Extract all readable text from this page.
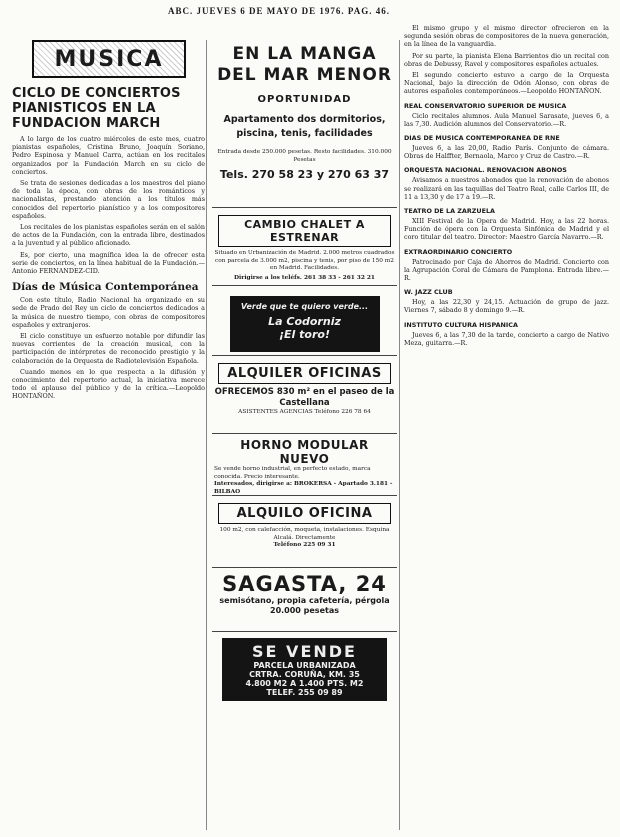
ABC. JUEVES 6 DE MAYO DE 1976. PAG. 46.
MUSICA
CICLO DE CONCIERTOS PIANISTICOS EN LA FUNDACION MARCH

A lo largo de los cuatro miércoles de este mes, cuatro pianistas españoles, Cristina Bruno, Joaquín Soriano, Pedro Espinosa y Manuel Carra, actúan en los recitales organizados por la Fundación March en su ciclo de conciertos.

Se trata de sesiones dedicadas a los maestros del piano de toda la época, con obras de los románticos y nacionalistas, prestando atención a los títulos más conocidos del repertorio pianístico y a los compositores españoles.

Los recitales de los pianistas españoles serán en el salón de actos de la Fundación, con la entrada libre, destinados a la juventud y al público aficionado.

Es, por cierto, una magnífica idea la de ofrecer esta serie de conciertos, en la línea habitual de la Fundación.—Antonio FERNANDEZ-CID.

Días de Música Contemporánea

Con este título, Radio Nacional ha organizado en su sede de Prado del Rey un ciclo de conciertos dedicados a la música de nuestro tiempo, con obras de compositores españoles y extranjeros.

El ciclo constituye un esfuerzo notable por difundir las nuevas corrientes de la creación musical, con la participación de intérpretes de reconocido prestigio y la colaboración de la Orquesta de Radiotelevisión Española.

Cuando menos en lo que respecta a la difusión y conocimiento del repertorio actual, la iniciativa merece todo el aplauso del público y de la crítica.—Leopoldo HONTAÑON.

EN LA MANGA DEL MAR MENOR
OPORTUNIDAD
Apartamento dos dormitorios, piscina, tenis, facilidades
Entrada desde 250.000 pesetas. Resto facilidades. 310.000 Pesetas
Tels. 270 58 23 y 270 63 37
CAMBIO CHALET A ESTRENAR
Situado en Urbanización de Madrid. 2.000 metros cuadrados con parcela de 3.000 m2, piscina y tenis, por piso de 150 m2 en Madrid. Facilidades.
Dirigirse a los teléfs. 261 38 33 - 261 32 21
Verde que te quiero verde...
La Codorniz
¡El toro!
ALQUILER OFICINAS
OFRECEMOS 830 m² en el paseo de la Castellana
ASISTENTES AGENCIAS Teléfono 226 78 64
HORNO MODULAR NUEVO
Se vende horno industrial, en perfecto estado, marca conocida. Precio interesante.
Interesados, dirigirse a: BROKERSA - Apartado 3.181 - BILBAO
ALQUILO OFICINA
100 m2, con calefacción, moqueta, instalaciones. Esquina Alcalá. Directamente
Teléfono 225 09 31
SAGASTA, 24
semisótano, propia cafetería, pérgola 20.000 pesetas
SE VENDE
PARCELA URBANIZADA
CRTRA. CORUÑA, KM. 35
4.800 M2 A 1.400 PTS. M2
TELEF. 255 09 89

El mismo grupo y el mismo director ofrecieron en la segunda sesión obras de compositores de la nueva generación, en la línea de la vanguardia.

Por su parte, la pianista Elena Barrientos dio un recital con obras de Debussy, Ravel y compositores españoles actuales.

El segundo concierto estuvo a cargo de la Orquesta Nacional, bajo la dirección de Odón Alonso, con obras de autores españoles contemporáneos.—Leopoldo HONTAÑON.

REAL CONSERVATORIO SUPERIOR DE MUSICA

Ciclo recitales alumnos. Aula Manuel Sarasate, jueves 6, a las 7,30. Audición alumnos del Conservatorio.—R.

DIAS DE MUSICA CONTEMPORANEA DE RNE

Jueves 6, a las 20,00, Radio París. Conjunto de cámara. Obras de Halffter, Bernaola, Marco y Cruz de Castro.—R.

ORQUESTA NACIONAL. RENOVACION ABONOS

Avisamos a nuestros abonados que la renovación de abonos se realizará en las taquillas del Teatro Real, calle Carlos III, de 11 a 13,30 y de 17 a 19.—R.

TEATRO DE LA ZARZUELA

XIII Festival de la Opera de Madrid. Hoy, a las 22 horas. Función de ópera con la Orquesta Sinfónica de Madrid y el coro titular del teatro. Director: Maestro García Navarro.—R.

EXTRAORDINARIO CONCIERTO

Patrocinado por Caja de Ahorros de Madrid. Concierto con la Agrupación Coral de Cámara de Pamplona. Entrada libre.—R.

W. JAZZ CLUB

Hoy, a las 22,30 y 24,15. Actuación de grupo de jazz. Viernes 7, sábado 8 y domingo 9.—R.

INSTITUTO CULTURA HISPANICA

Jueves 6, a las 7,30 de la tarde, concierto a cargo de Nativo Meza, guitarra.—R.
